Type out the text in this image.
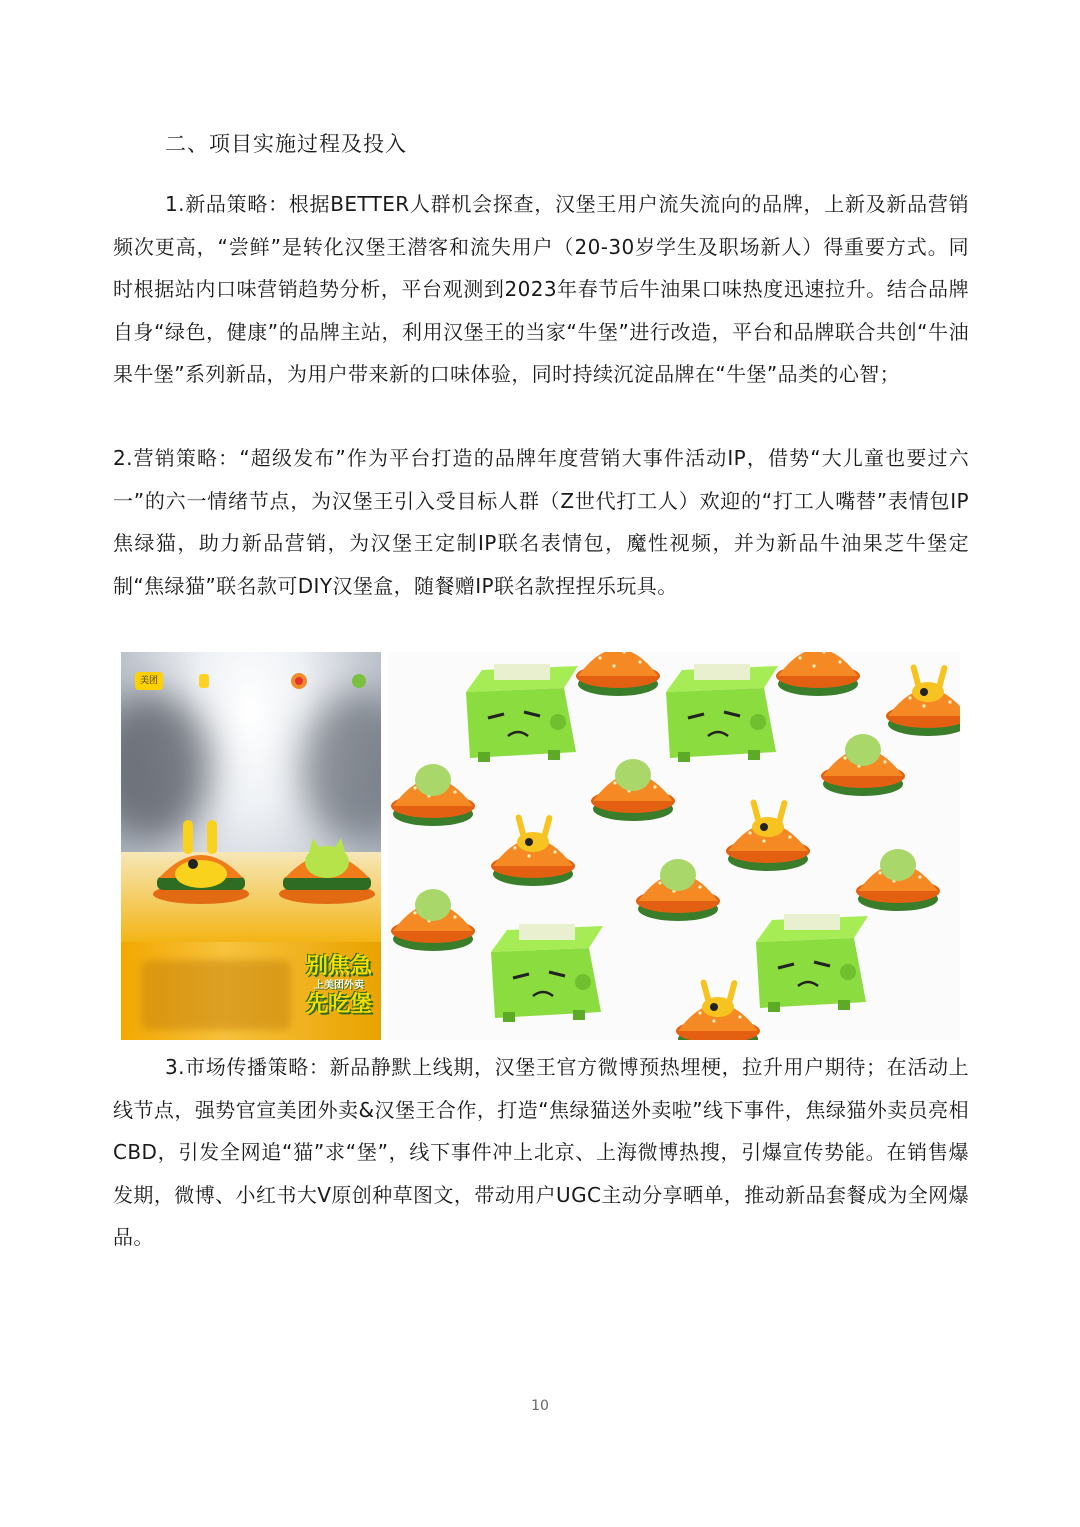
二、项目实施过程及投入

1.新品策略：根据BETTER人群机会探查，汉堡王用户流失流向的品牌，上新及新品营销频次更高，“尝鲜”是转化汉堡王潜客和流失用户（20-30岁学生及职场新人）得重要方式。同时根据站内口味营销趋势分析，平台观测到2023年春节后牛油果口味热度迅速拉升。结合品牌自身“绿色，健康”的品牌主站，利用汉堡王的当家“牛堡”进行改造，平台和品牌联合共创“牛油果牛堡”系列新品，为用户带来新的口味体验，同时持续沉淀品牌在“牛堡”品类的心智；

2.营销策略：“超级发布”作为平台打造的品牌年度营销大事件活动IP，借势“大儿童也要过六一”的六一情绪节点，为汉堡王引入受目标人群（Z世代打工人）欢迎的“打工人嘴替”表情包IP焦绿猫，助力新品营销，为汉堡王定制IP联名表情包，魔性视频，并为新品牛油果芝牛堡定制“焦绿猫”联名款可DIY汉堡盒，随餐赠IP联名款捏捏乐玩具。

美团
别焦急
上美团外卖
先吃堡

3.市场传播策略：新品静默上线期，汉堡王官方微博预热埋梗，拉升用户期待；在活动上线节点，强势官宣美团外卖&汉堡王合作，打造“焦绿猫送外卖啦”线下事件，焦绿猫外卖员亮相CBD，引发全网追“猫”求“堡”，线下事件冲上北京、上海微博热搜，引爆宣传势能。在销售爆发期，微博、小红书大V原创种草图文，带动用户UGC主动分享晒单，推动新品套餐成为全网爆品。

10
